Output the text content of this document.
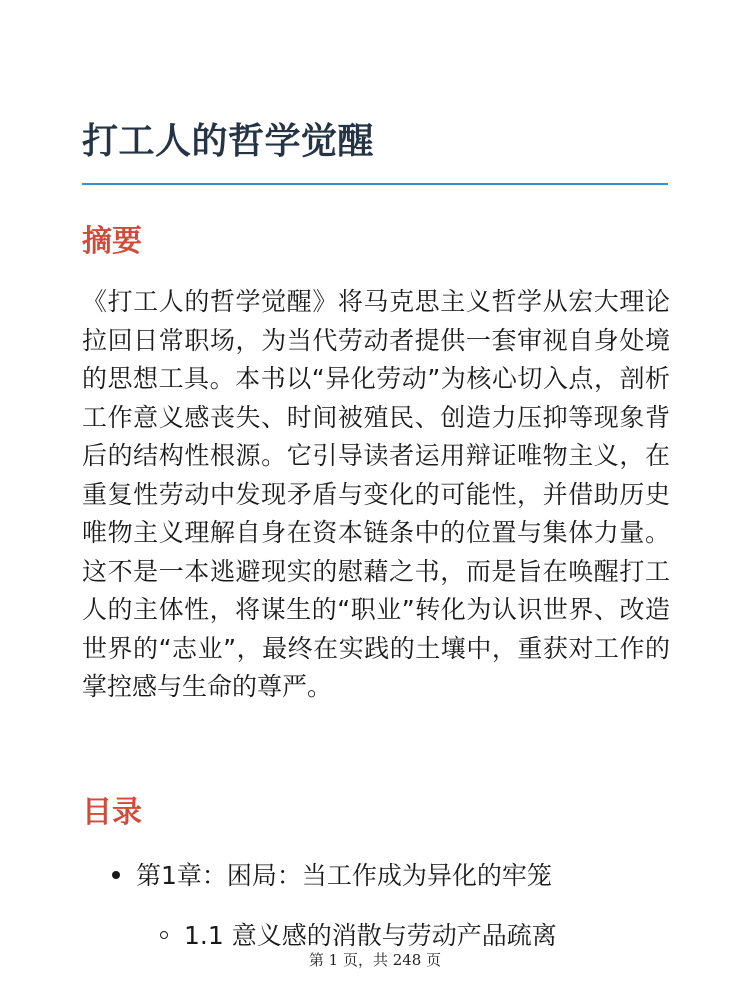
打工人的哲学觉醒
摘要

《打工人的哲学觉醒》将马克思主义哲学从宏大理论拉回日常职场，为当代劳动者提供一套审视自身处境的思想工具。本书以“异化劳动”为核心切入点，剖析工作意义感丧失、时间被殖民、创造力压抑等现象背后的结构性根源。它引导读者运用辩证唯物主义，在重复性劳动中发现矛盾与变化的可能性，并借助历史唯物主义理解自身在资本链条中的位置与集体力量。这不是一本逃避现实的慰藉之书，而是旨在唤醒打工人的主体性，将谋生的“职业”转化为认识世界、改造世界的“志业”，最终在实践的土壤中，重获对工作的掌控感与生命的尊严。

目录
第1章：困局：当工作成为异化的牢笼
1.1 意义感的消散与劳动产品疏离
第 1 页，共 248 页
